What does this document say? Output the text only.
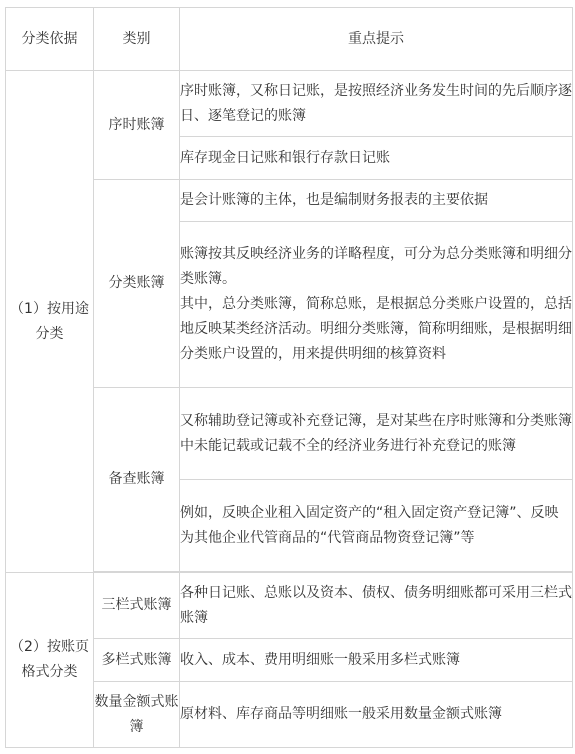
分类依据	类别	重点提示
（1）按用途分类	序时账簿	序时账簿，又称日记账，是按照经济业务发生时间的先后顺序逐日、逐笔登记的账簿
		库存现金日记账和银行存款日记账
	分类账簿	是会计账簿的主体，也是编制财务报表的主要依据

		账簿按其反映经济业务的详略程度，可分为总分类账簿和明细分类账簿。
其中，总分类账簿，简称总账，是根据总分类账户设置的，总括地反映某类经济活动。明细分类账簿，简称明细账，是根据明细分类账户设置的，用来提供明细的核算资料

	备查账簿	又称辅助登记簿或补充登记簿，是对某些在序时账簿和分类账簿中未能记载或记载不全的经济业务进行补充登记的账簿
		例如，反映企业租入固定资产的“租入固定资产登记簿”、反映为其他企业代管商品的“代管商品物资登记簿”等

（2）按账页格式分类	三栏式账簿	各种日记账、总账以及资本、债权、债务明细账都可采用三栏式账簿
	多栏式账簿	收入、成本、费用明细账一般采用多栏式账簿
	数量金额式账簿	原材料、库存商品等明细账一般采用数量金额式账簿
